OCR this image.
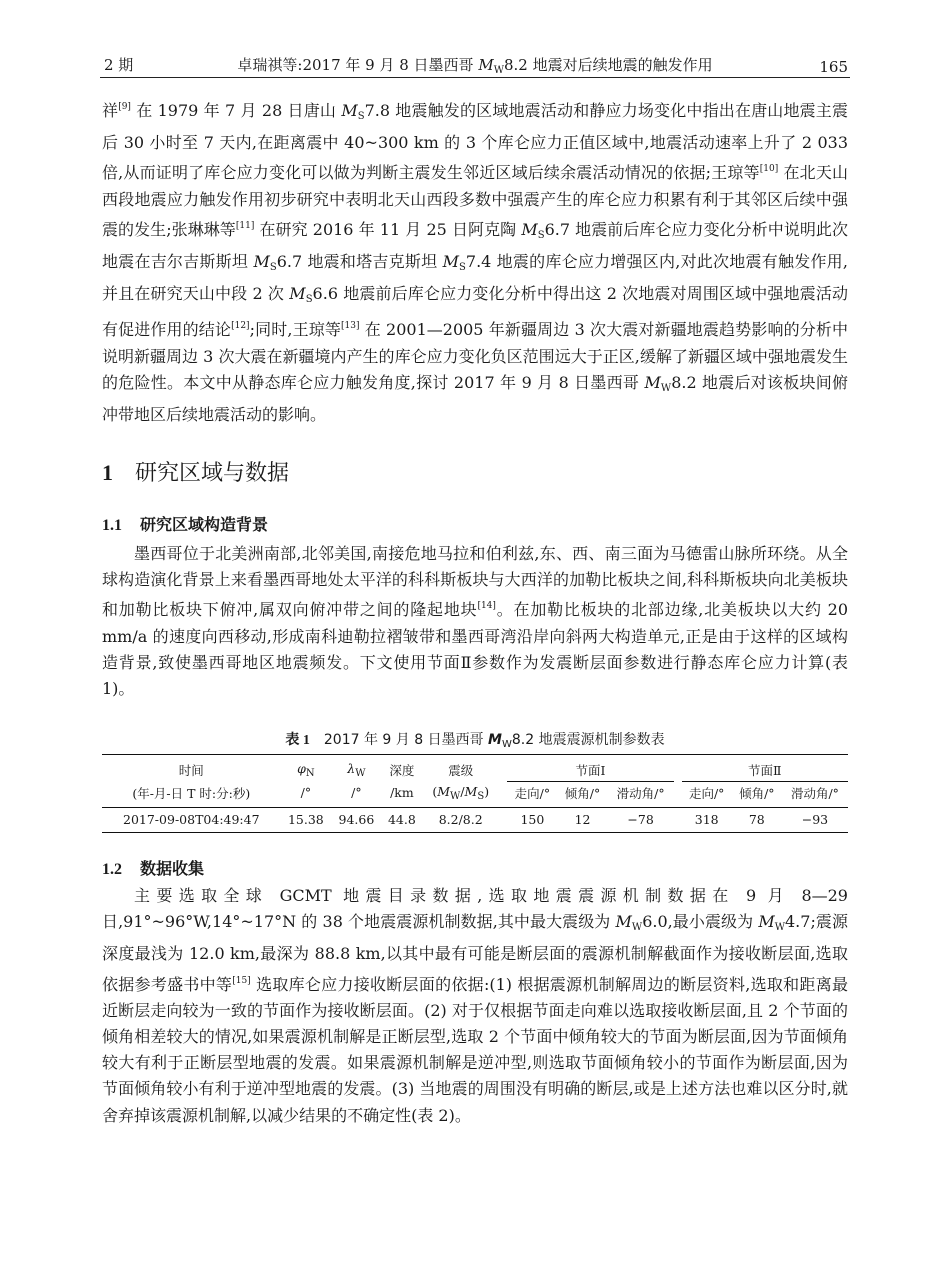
2 期	卓瑞祺等:2017 年 9 月 8 日墨西哥 $M_W8.2$ 地震对后续地震的触发作用	165

祥[9] 在 1979 年 7 月 28 日唐山 $M_S7.8$ 地震触发的区域地震活动和静应力场变化中指出在唐山地震主震后 30 小时至 7 天内,在距离震中 40~300 km 的 3 个库仑应力正值区域中,地震活动速率上升了 2 033 倍,从而证明了库仑应力变化可以做为判断主震发生邻近区域后续余震活动情况的依据;王琼等[10] 在北天山西段地震应力触发作用初步研究中表明北天山西段多数中强震产生的库仑应力积累有利于其邻区后续中强震的发生;张琳琳等[11] 在研究 2016 年 11 月 25 日阿克陶 $M_S6.7$ 地震前后库仑应力变化分析中说明此次地震在吉尔吉斯斯坦 $M_S6.7$ 地震和塔吉克斯坦 $M_S7.4$ 地震的库仑应力增强区内,对此次地震有触发作用,并且在研究天山中段 2 次 $M_S6.6$ 地震前后库仑应力变化分析中得出这 2 次地震对周围区域中强地震活动有促进作用的结论[12];同时,王琼等[13] 在 2001—2005 年新疆周边 3 次大震对新疆地震趋势影响的分析中说明新疆周边 3 次大震在新疆境内产生的库仑应力变化负区范围远大于正区,缓解了新疆区域中强地震发生的危险性。本文中从静态库仑应力触发角度,探讨 2017 年 9 月 8 日墨西哥 $M_W8.2$ 地震后对该板块间俯冲带地区后续地震活动的影响。

1 研究区域与数据
1.1 研究区域构造背景

墨西哥位于北美洲南部,北邻美国,南接危地马拉和伯利兹,东、西、南三面为马德雷山脉所环绕。从全球构造演化背景上来看墨西哥地处太平洋的科科斯板块与大西洋的加勒比板块之间,科科斯板块向北美板块和加勒比板块下俯冲,属双向俯冲带之间的隆起地块[14]。在加勒比板块的北部边缘,北美板块以大约 20 mm/a 的速度向西移动,形成南科迪勒拉褶皱带和墨西哥湾沿岸向斜两大构造单元,正是由于这样的区域构造背景,致使墨西哥地区地震频发。下文使用节面Ⅱ参数作为发震断层面参数进行静态库仑应力计算(表 1)。

表 1 2017 年 9 月 8 日墨西哥 $M_W8.2$ 地震震源机制参数表
时间	$\varphi_N$	$\lambda_W$	深度	震级		节面Ⅰ				节面Ⅱ		
(年-月-日 T 时:分:秒)	/°	/°	/km	$(M_W/M_S)$		走向/°	倾角/°	滑动角/°		走向/°	倾角/°	滑动角/°
2017-09-08T04:49:47	15.38	94.66	44.8	8.2/8.2		150	12	−78		318	78	−93
1.2 数据收集

主要选取全球 GCMT 地震目录数据,选取地震震源机制数据在 9 月 8—29 日,91°~96°W,14°~17°N 的 38 个地震震源机制数据,其中最大震级为 $M_W6.0$,最小震级为 $M_W4.7$;震源深度最浅为 12.0 km,最深为 88.8 km,以其中最有可能是断层面的震源机制解截面作为接收断层面,选取依据参考盛书中等[15] 选取库仑应力接收断层面的依据:(1) 根据震源机制解周边的断层资料,选取和距离最近断层走向较为一致的节面作为接收断层面。(2) 对于仅根据节面走向难以选取接收断层面,且 2 个节面的倾角相差较大的情况,如果震源机制解是正断层型,选取 2 个节面中倾角较大的节面为断层面,因为节面倾角较大有利于正断层型地震的发震。如果震源机制解是逆冲型,则选取节面倾角较小的节面作为断层面,因为节面倾角较小有利于逆冲型地震的发震。(3) 当地震的周围没有明确的断层,或是上述方法也难以区分时,就舍弃掉该震源机制解,以减少结果的不确定性(表 2)。
